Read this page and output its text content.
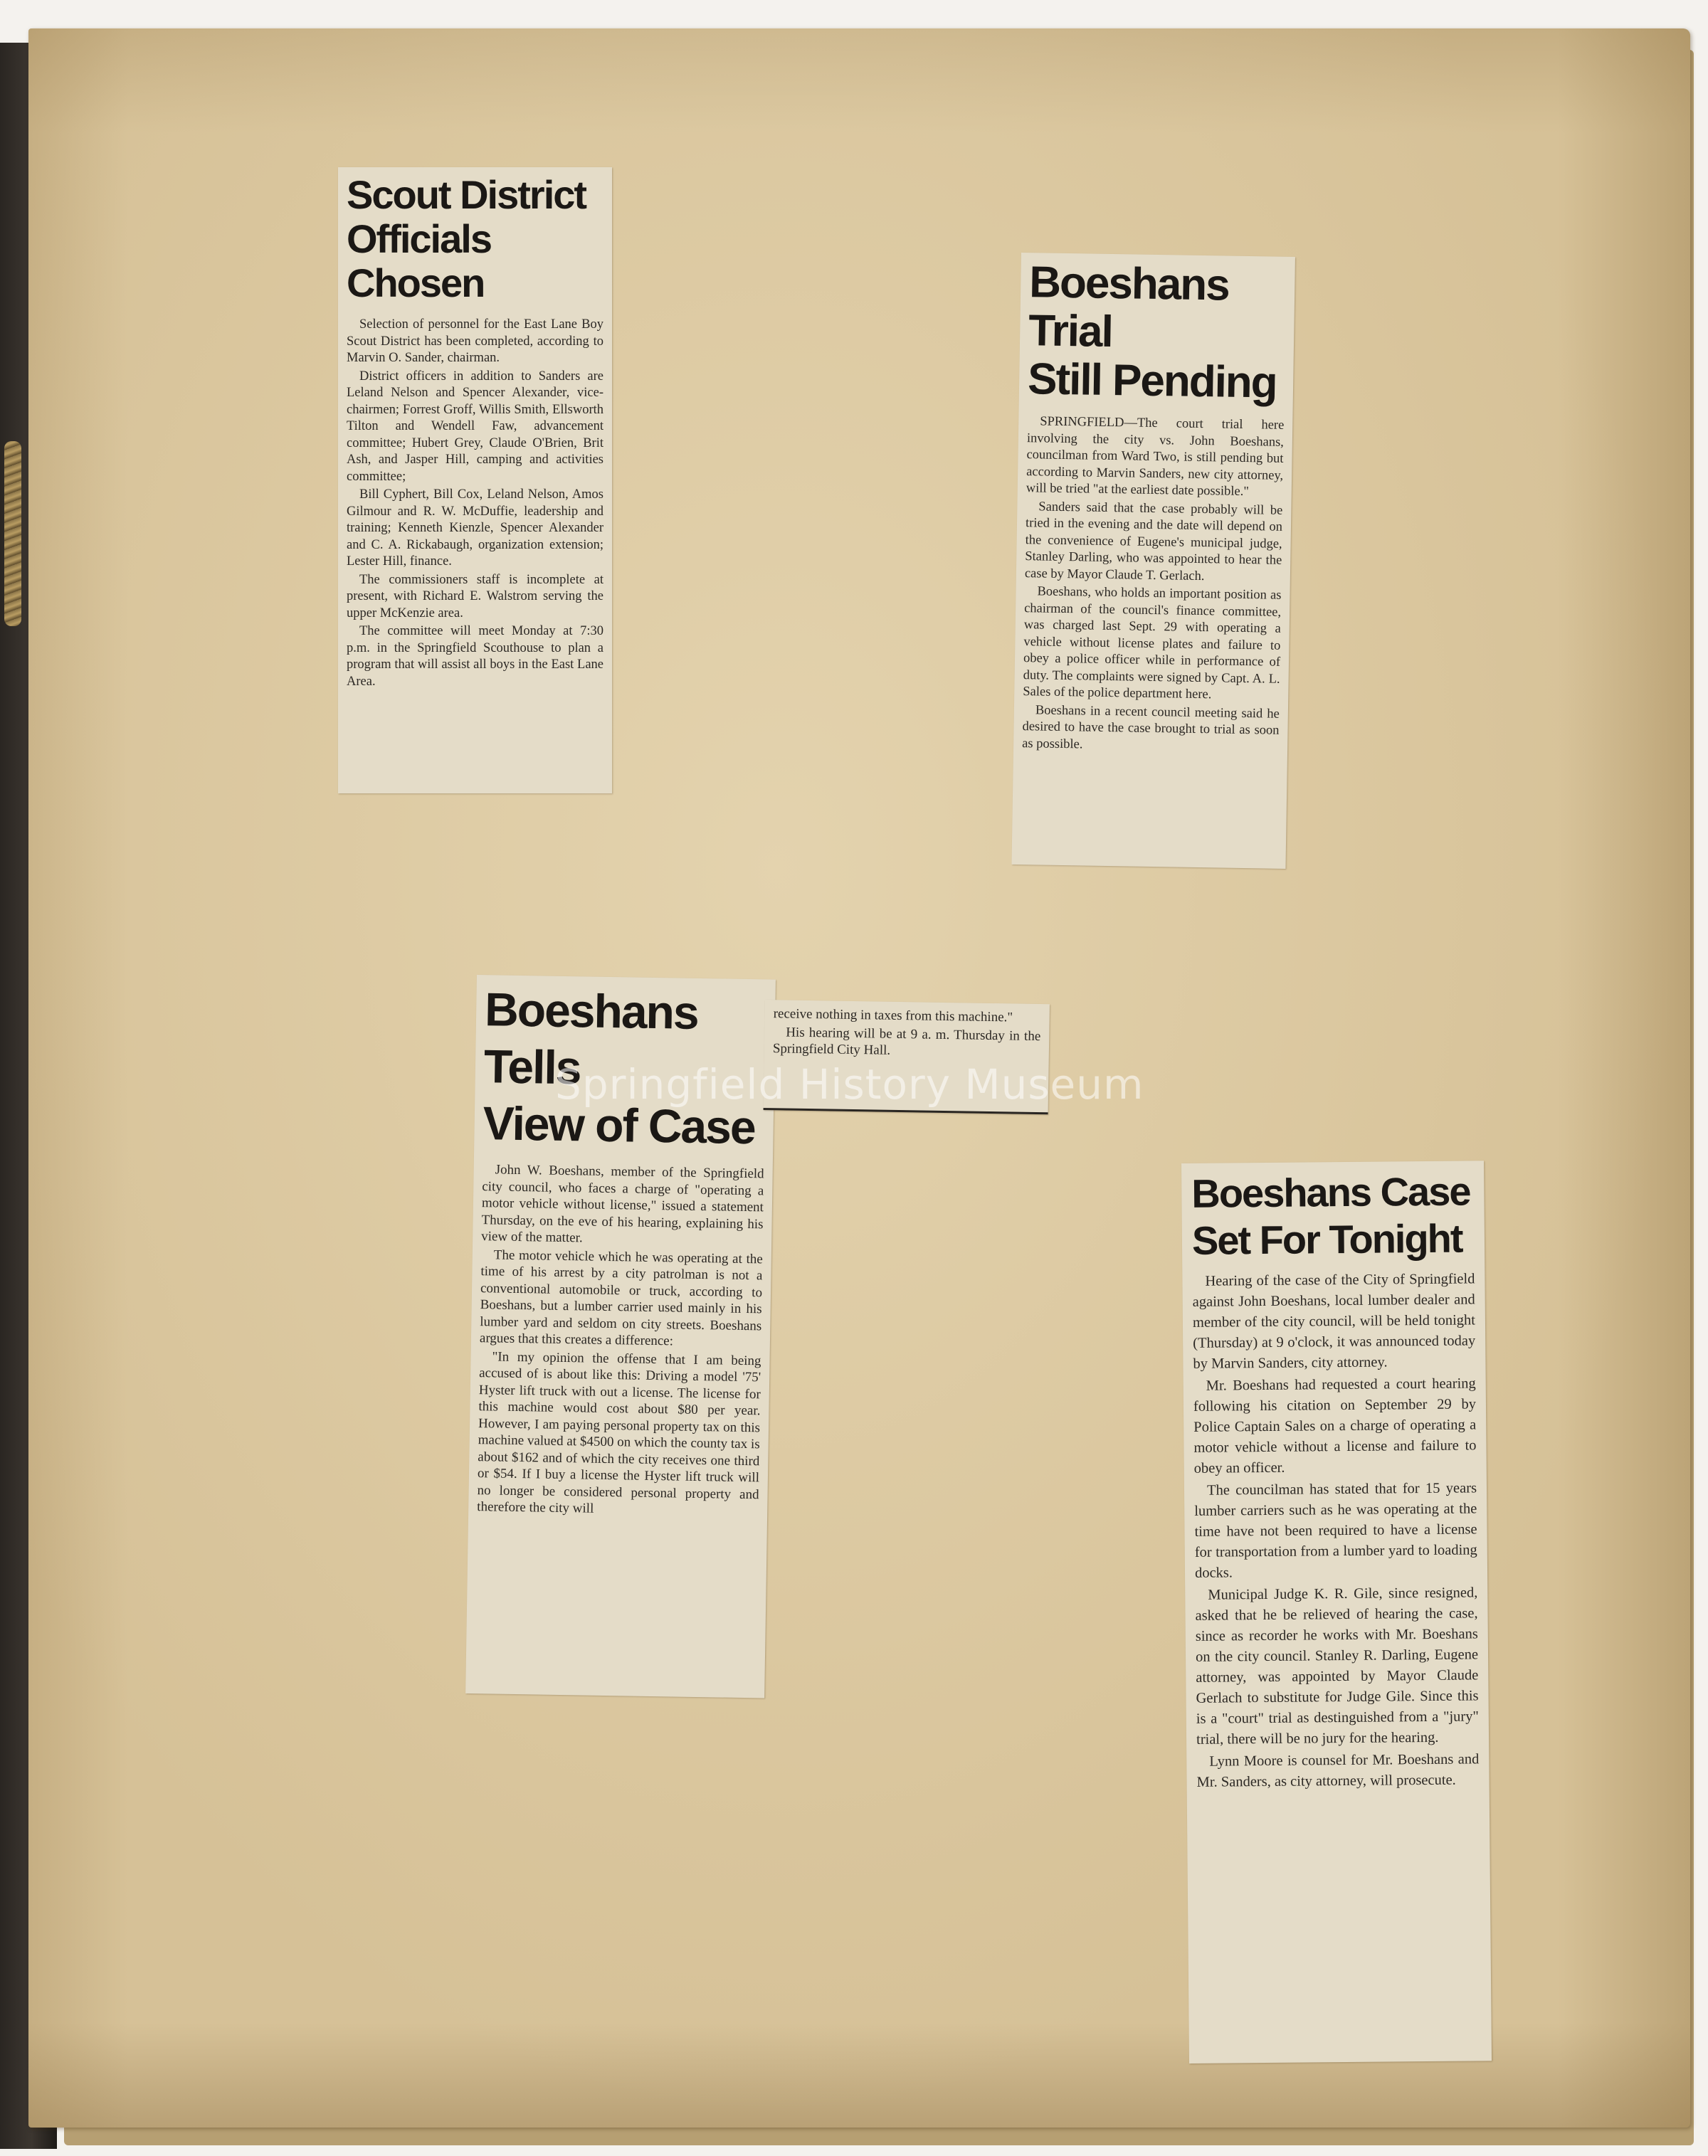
Scout District
Officials Chosen

Selection of personnel for the East Lane Boy Scout District has been completed, according to Marvin O. Sander, chairman.

District officers in addition to Sanders are Leland Nelson and Spencer Alexander, vice-chairmen; Forrest Groff, Willis Smith, Ellsworth Tilton and Wendell Faw, advancement committee; Hubert Grey, Claude O'Brien, Brit Ash, and Jasper Hill, camping and activities committee;

Bill Cyphert, Bill Cox, Leland Nelson, Amos Gilmour and R. W. McDuffie, leadership and training; Kenneth Kienzle, Spencer Alexander and C. A. Rickabaugh, organization extension; Lester Hill, finance.

The commissioners staff is incomplete at present, with Richard E. Walstrom serving the upper McKenzie area.

The committee will meet Monday at 7:30 p.m. in the Springfield Scouthouse to plan a program that will assist all boys in the East Lane Area.

Boeshans Trial
Still Pending

SPRINGFIELD—The court trial here involving the city vs. John Boeshans, councilman from Ward Two, is still pending but according to Marvin Sanders, new city attorney, will be tried "at the earliest date possible."

Sanders said that the case probably will be tried in the evening and the date will depend on the convenience of Eugene's municipal judge, Stanley Darling, who was appointed to hear the case by Mayor Claude T. Gerlach.

Boeshans, who holds an important position as chairman of the council's finance committee, was charged last Sept. 29 with operating a vehicle without license plates and failure to obey a police officer while in performance of duty. The complaints were signed by Capt. A. L. Sales of the police department here.

Boeshans in a recent council meeting said he desired to have the case brought to trial as soon as possible.

Boeshans Tells
View of Case

John W. Boeshans, member of the Springfield city council, who faces a charge of "operating a motor vehicle without license," issued a statement Thursday, on the eve of his hearing, explaining his view of the matter.

The motor vehicle which he was operating at the time of his arrest by a city patrolman is not a conventional automobile or truck, according to Boeshans, but a lumber carrier used mainly in his lumber yard and seldom on city streets. Boeshans argues that this creates a difference:

"In my opinion the offense that I am being accused of is about like this: Driving a model '75' Hyster lift truck with out a license. The license for this machine would cost about $80 per year. However, I am paying personal property tax on this machine valued at $4500 on which the county tax is about $162 and of which the city receives one third or $54. If I buy a license the Hyster lift truck will no longer be considered personal property and therefore the city will

receive nothing in taxes from this machine."

His hearing will be at 9 a. m. Thursday in the Springfield City Hall.

Boeshans Case
Set For Tonight

Hearing of the case of the City of Springfield against John Boeshans, local lumber dealer and member of the city council, will be held tonight (Thursday) at 9 o'clock, it was announced today by Marvin Sanders, city attorney.

Mr. Boeshans had requested a court hearing following his citation on September 29 by Police Captain Sales on a charge of operating a motor vehicle without a license and failure to obey an officer.

The councilman has stated that for 15 years lumber carriers such as he was operating at the time have not been required to have a license for transportation from a lumber yard to loading docks.

Municipal Judge K. R. Gile, since resigned, asked that he be relieved of hearing the case, since as recorder he works with Mr. Boeshans on the city council. Stanley R. Darling, Eugene attorney, was appointed by Mayor Claude Gerlach to substitute for Judge Gile. Since this is a "court" trial as destinguished from a "jury" trial, there will be no jury for the hearing.

Lynn Moore is counsel for Mr. Boeshans and Mr. Sanders, as city attorney, will prosecute.

Springfield History Museum
